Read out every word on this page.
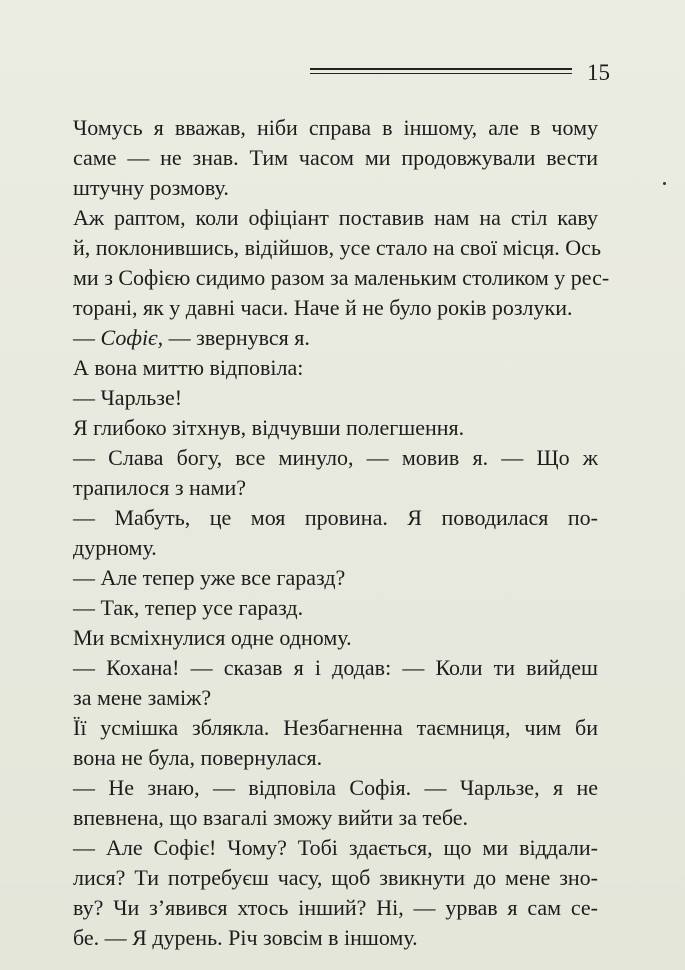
15
Чомусь я вважав, ніби справа в іншому, але в чому
саме — не знав. Тим часом ми продовжували вести
штучну розмову.
Аж раптом, коли офіціант поставив нам на стіл каву
й, поклонившись, відійшов, усе стало на свої місця. Ось
ми з Софією сидимо разом за маленьким столиком у рес-
торані, як у давні часи. Наче й не було років розлуки.
— Софіє, — звернувся я.
А вона миттю відповіла:
— Чарльзе!
Я глибоко зітхнув, відчувши полегшення.
— Слава богу, все минуло, — мовив я. — Що ж
трапилося з нами?
— Мабуть, це моя провина. Я поводилася по-
дурному.
— Але тепер уже все гаразд?
— Так, тепер усе гаразд.
Ми всміхнулися одне одному.
— Кохана! — сказав я і додав: — Коли ти вийдеш
за мене заміж?
Її усмішка зблякла. Незбагненна таємниця, чим би
вона не була, повернулася.
— Не знаю, — відповіла Софія. — Чарльзе, я не
впевнена, що взагалі зможу вийти за тебе.
— Але Софіє! Чому? Тобі здається, що ми віддали-
лися? Ти потребуєш часу, щоб звикнути до мене зно-
ву? Чи з’явився хтось інший? Ні, — урвав я сам се-
бе. — Я дурень. Річ зовсім в іншому.
